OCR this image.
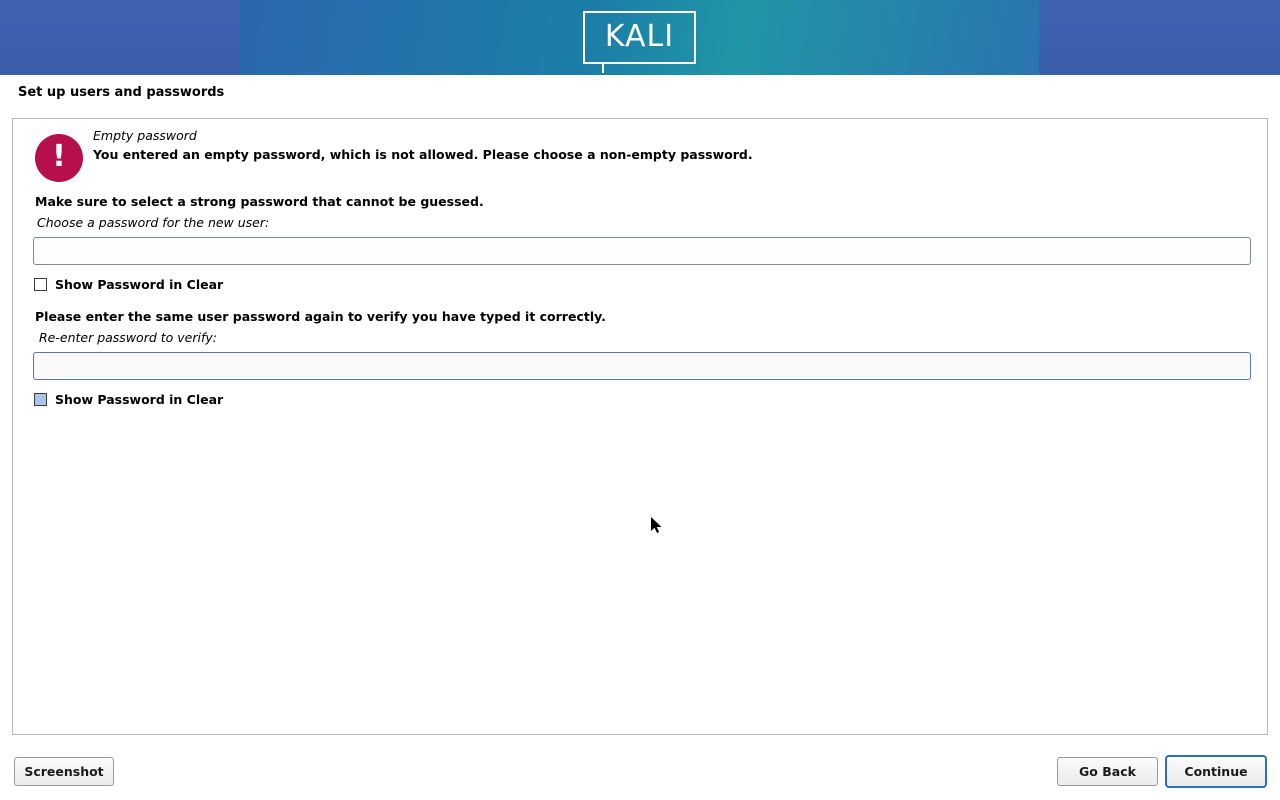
KALI
Set up users and passwords
!
Empty password
You entered an empty password, which is not allowed. Please choose a non-empty password.
Make sure to select a strong password that cannot be guessed.
Choose a password for the new user:
Show Password in Clear
Please enter the same user password again to verify you have typed it correctly.
Re-enter password to verify:
Show Password in Clear
Screenshot	Go Back	Continue
